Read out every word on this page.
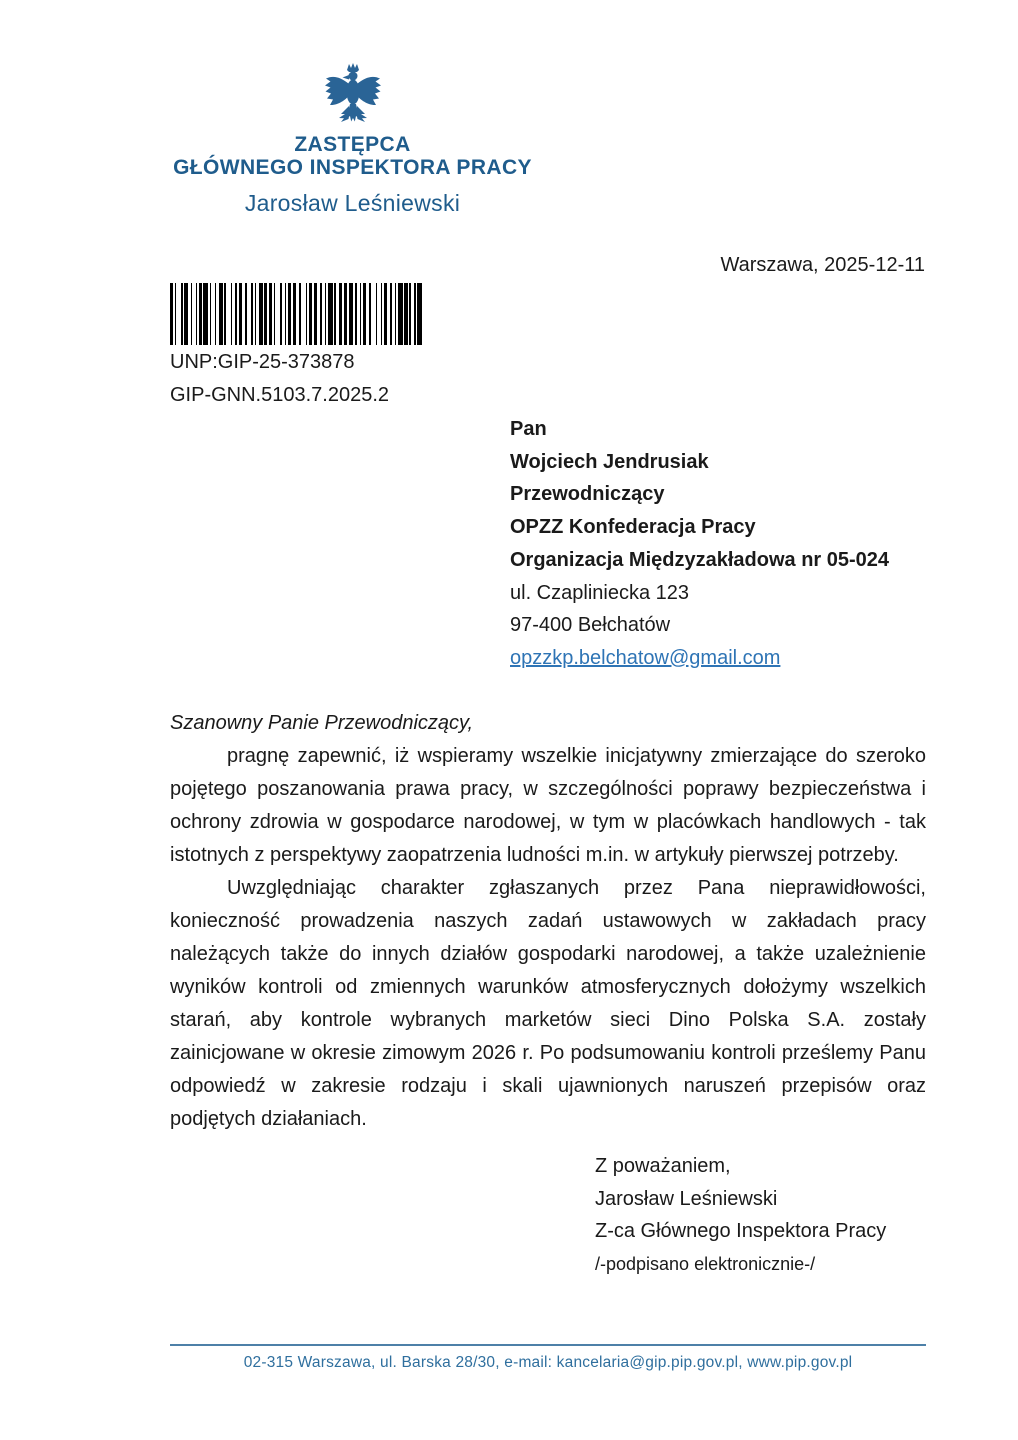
ZASTĘPCA
GŁÓWNEGO INSPEKTORA PRACY
Jarosław Leśniewski
Warszawa, 2025-12-11
UNP:GIP-25-373878
GIP-GNN.5103.7.2025.2
Pan
Wojciech Jendrusiak
Przewodniczący
OPZZ Konfederacja Pracy
Organizacja Międzyzakładowa nr 05-024
ul. Czapliniecka 123
97-400 Bełchatów
opzzkp.belchatow@gmail.com

Szanowny Panie Przewodniczący,

pragnę zapewnić, iż wspieramy wszelkie inicjatywny zmierzające do szeroko pojętego poszanowania prawa pracy, w szczególności poprawy bezpieczeństwa i ochrony zdrowia w gospodarce narodowej, w tym w placówkach handlowych - tak istotnych z perspektywy zaopatrzenia ludności m.in. w artykuły pierwszej potrzeby.

Uwzględniając charakter zgłaszanych przez Pana nieprawidłowości, konieczność prowadzenia naszych zadań ustawowych w zakładach pracy należących także do innych działów gospodarki narodowej, a także uzależnienie wyników kontroli od zmiennych warunków atmosferycznych dołożymy wszelkich starań, aby kontrole wybranych marketów sieci Dino Polska S.A. zostały zainicjowane w okresie zimowym 2026 r. Po podsumowaniu kontroli prześlemy Panu odpowiedź w zakresie rodzaju i skali ujawnionych naruszeń przepisów oraz podjętych działaniach.

Z poważaniem,
Jarosław Leśniewski
Z-ca Głównego Inspektora Pracy
/-podpisano elektronicznie-/
02-315 Warszawa, ul. Barska 28/30, e-mail: kancelaria@gip.pip.gov.pl, www.pip.gov.pl
